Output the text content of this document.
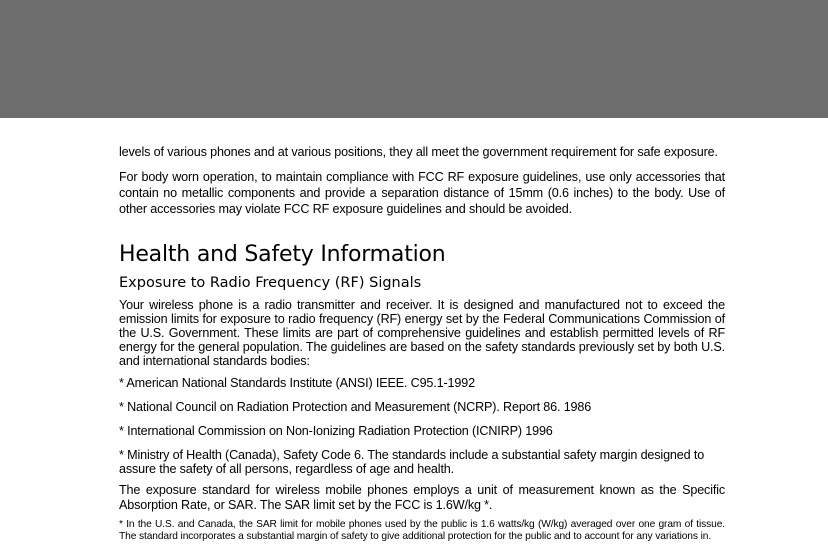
levels of various phones and at various positions, they all meet the government requirement for safe exposure.

For body worn operation, to maintain compliance with FCC RF exposure guidelines, use only accessories that contain no metallic components and provide a separation distance of 15mm (0.6 inches) to the body. Use of other accessories may violate FCC RF exposure guidelines and should be avoided.

Health and Safety Information
Exposure to Radio Frequency (RF) Signals

Your wireless phone is a radio transmitter and receiver. It is designed and manufactured not to exceed the emission limits for exposure to radio frequency (RF) energy set by the Federal Communications Commission of the U.S. Government. These limits are part of comprehensive guidelines and establish permitted levels of RF energy for the general population. The guidelines are based on the safety standards previously set by both U.S. and international standards bodies:

* American National Standards Institute (ANSI) IEEE. C95.1-1992

* National Council on Radiation Protection and Measurement (NCRP). Report 86. 1986

* International Commission on Non-Ionizing Radiation Protection (ICNIRP) 1996

* Ministry of Health (Canada), Safety Code 6. The standards include a substantial safety margin designed to assure the safety of all persons, regardless of age and health.

The exposure standard for wireless mobile phones employs a unit of measurement known as the Specific Absorption Rate, or SAR. The SAR limit set by the FCC is 1.6W/kg *.

* In the U.S. and Canada, the SAR limit for mobile phones used by the public is 1.6 watts/kg (W/kg) averaged over one gram of tissue. The standard incorporates a substantial margin of safety to give additional protection for the public and to account for any variations in.
